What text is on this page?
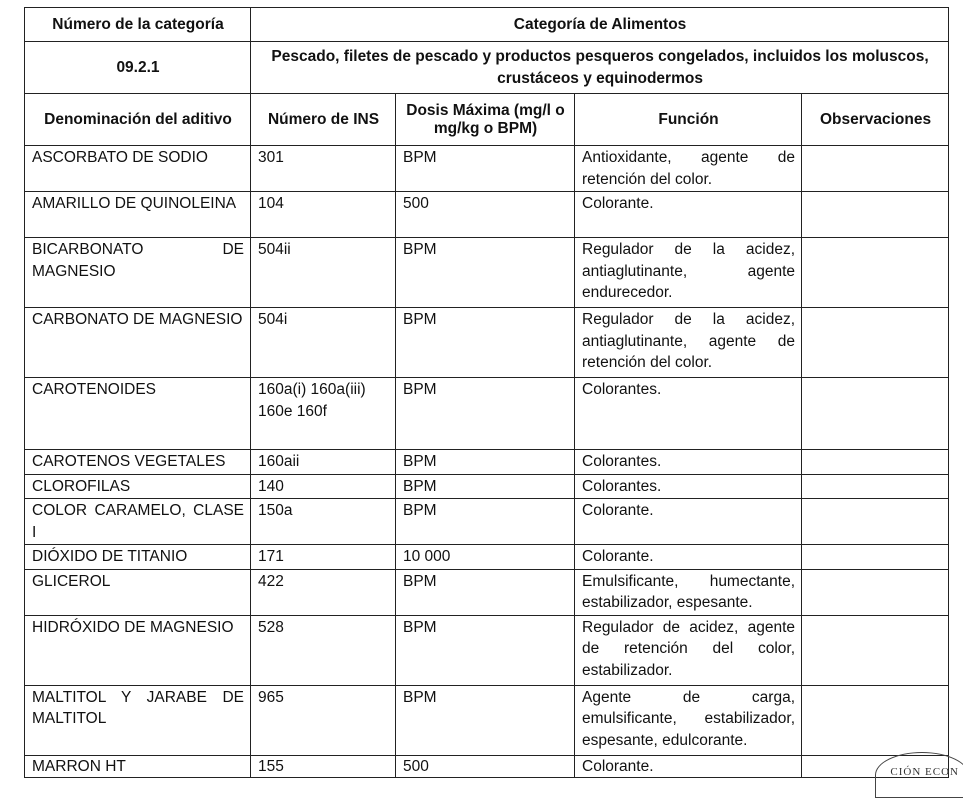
Número de la categoría	Categoría de Alimentos			
09.2.1	Pescado, filetes de pescado y productos pesqueros congelados, incluidos los moluscos, crustáceos y equinodermos			
Denominación del aditivo	Número de INS	Dosis Máxima (mg/l o mg/kg o BPM)	Función	Observaciones
ASCORBATO DE SODIO	301	BPM	Antioxidante, agente de retención del color.	
AMARILLO DE QUINOLEINA	104	500	Colorante.	
BICARBONATO DE MAGNESIO	504ii	BPM	Regulador de la acidez, antiaglutinante, agente endurecedor.	
CARBONATO DE MAGNESIO	504i	BPM	Regulador de la acidez, antiaglutinante, agente de retención del color.	
CAROTENOIDES	160a(i) 160a(iii) 160e 160f	BPM	Colorantes.	
CAROTENOS VEGETALES	160aii	BPM	Colorantes.	
CLOROFILAS	140	BPM	Colorantes.	
COLOR CARAMELO, CLASE I	150a	BPM	Colorante.	
DIÓXIDO DE TITANIO	171	10 000	Colorante.	
GLICEROL	422	BPM	Emulsificante, humectante, estabilizador, espesante.	
HIDRÓXIDO DE MAGNESIO	528	BPM	Regulador de acidez, agente de retención del color, estabilizador.	
MALTITOL Y JARABE DE MALTITOL	965	BPM	Agente de carga, emulsificante, estabilizador, espesante, edulcorante.	
MARRON HT	155	500	Colorante.		CIÓN ECON
